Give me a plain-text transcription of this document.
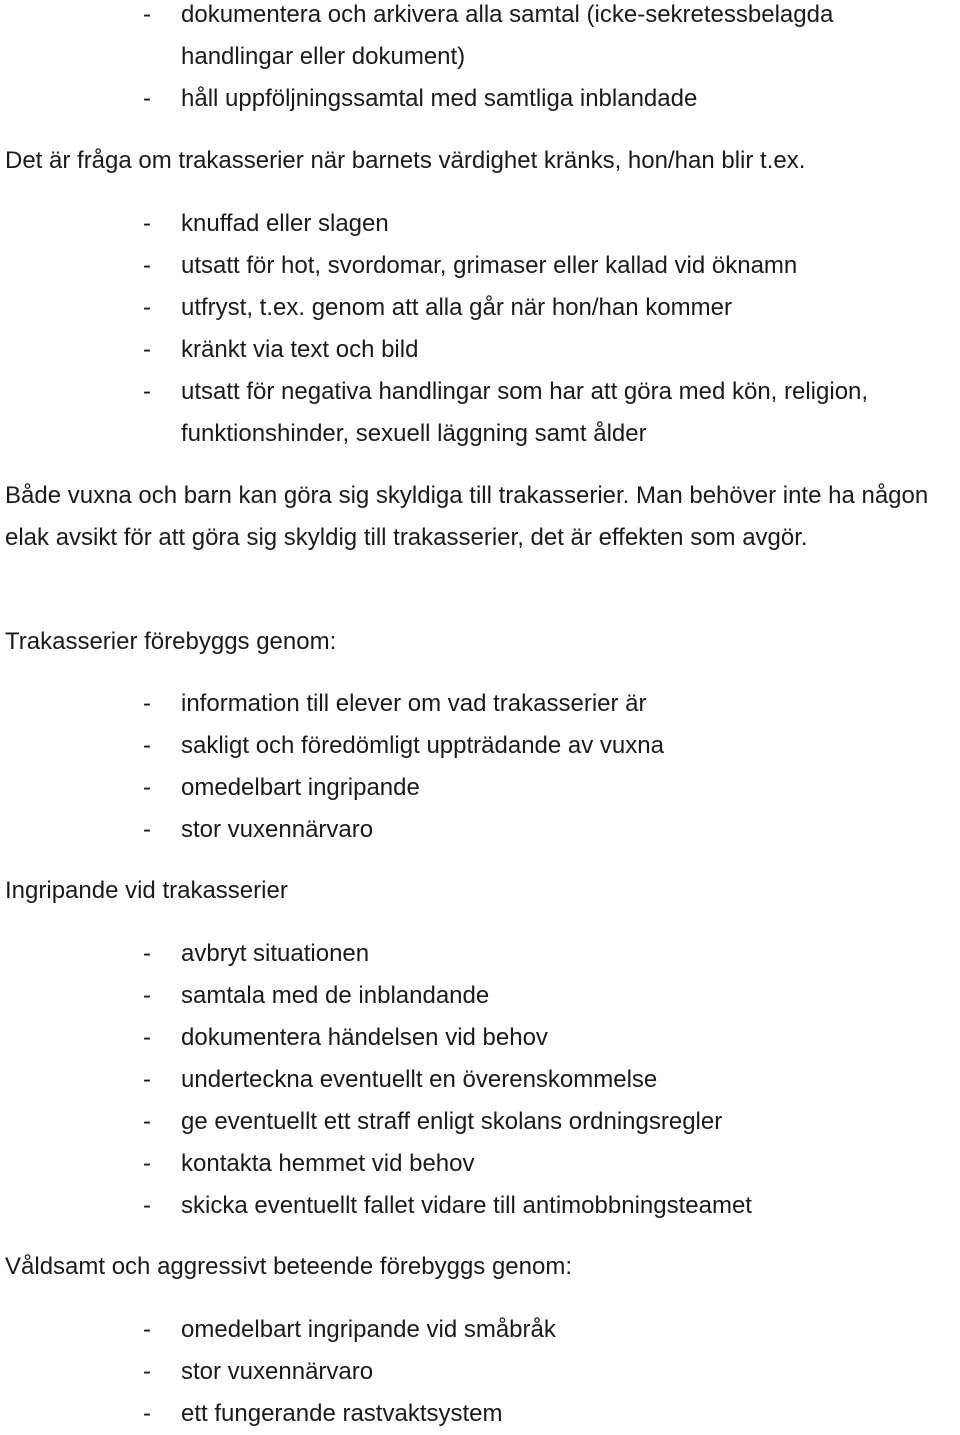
- dokumentera och arkivera alla samtal (icke-sekretessbelagda handlingar eller dokument)
- håll uppföljningssamtal med samtliga inblandade

Det är fråga om trakasserier när barnets värdighet kränks, hon/han blir t.ex.

- knuffad eller slagen
- utsatt för hot, svordomar, grimaser eller kallad vid öknamn
- utfryst, t.ex. genom att alla går när hon/han kommer
- kränkt via text och bild
- utsatt för negativa handlingar som har att göra med kön, religion, funktionshinder, sexuell läggning samt ålder

Både vuxna och barn kan göra sig skyldiga till trakasserier. Man behöver inte ha någon elak avsikt för att göra sig skyldig till trakasserier, det är effekten som avgör.

Trakasserier förebyggs genom:

- information till elever om vad trakasserier är
- sakligt och föredömligt uppträdande av vuxna
- omedelbart ingripande
- stor vuxennärvaro

Ingripande vid trakasserier

- avbryt situationen
- samtala med de inblandande
- dokumentera händelsen vid behov
- underteckna eventuellt en överenskommelse
- ge eventuellt ett straff enligt skolans ordningsregler
- kontakta hemmet vid behov
- skicka eventuellt fallet vidare till antimobbningsteamet

Våldsamt och aggressivt beteende förebyggs genom:

- omedelbart ingripande vid småbråk
- stor vuxennärvaro
- ett fungerande rastvaktsystem
